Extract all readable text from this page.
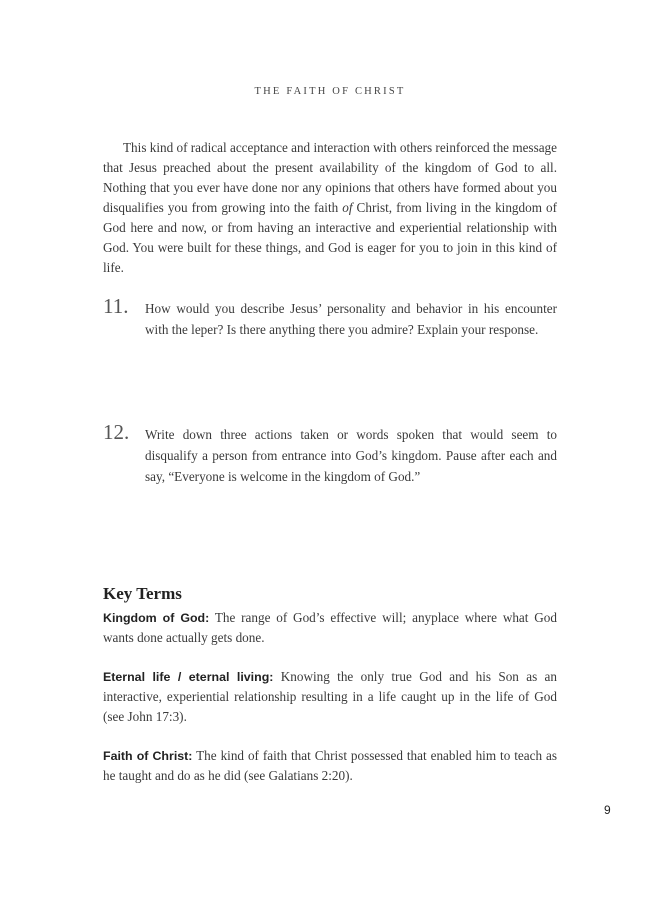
THE FAITH OF CHRIST

This kind of radical acceptance and interaction with others reinforced the message that Jesus preached about the present availability of the kingdom of God to all. Nothing that you ever have done nor any opinions that others have formed about you disqualifies you from growing into the faith of Christ, from living in the kingdom of God here and now, or from having an interactive and experiential relationship with God. You were built for these things, and God is eager for you to join in this kind of life.

11. How would you describe Jesus’ personality and behavior in his encounter with the leper? Is there anything there you admire? Explain your response.

12. Write down three actions taken or words spoken that would seem to disqualify a person from entrance into God’s kingdom. Pause after each and say, “Everyone is welcome in the kingdom of God.”

Key Terms

Kingdom of God: The range of God’s effective will; anyplace where what God wants done actually gets done.

Eternal life / eternal living: Knowing the only true God and his Son as an interactive, experiential relationship resulting in a life caught up in the life of God (see John 17:3).

Faith of Christ: The kind of faith that Christ possessed that enabled him to teach as he taught and do as he did (see Galatians 2:20).

9
